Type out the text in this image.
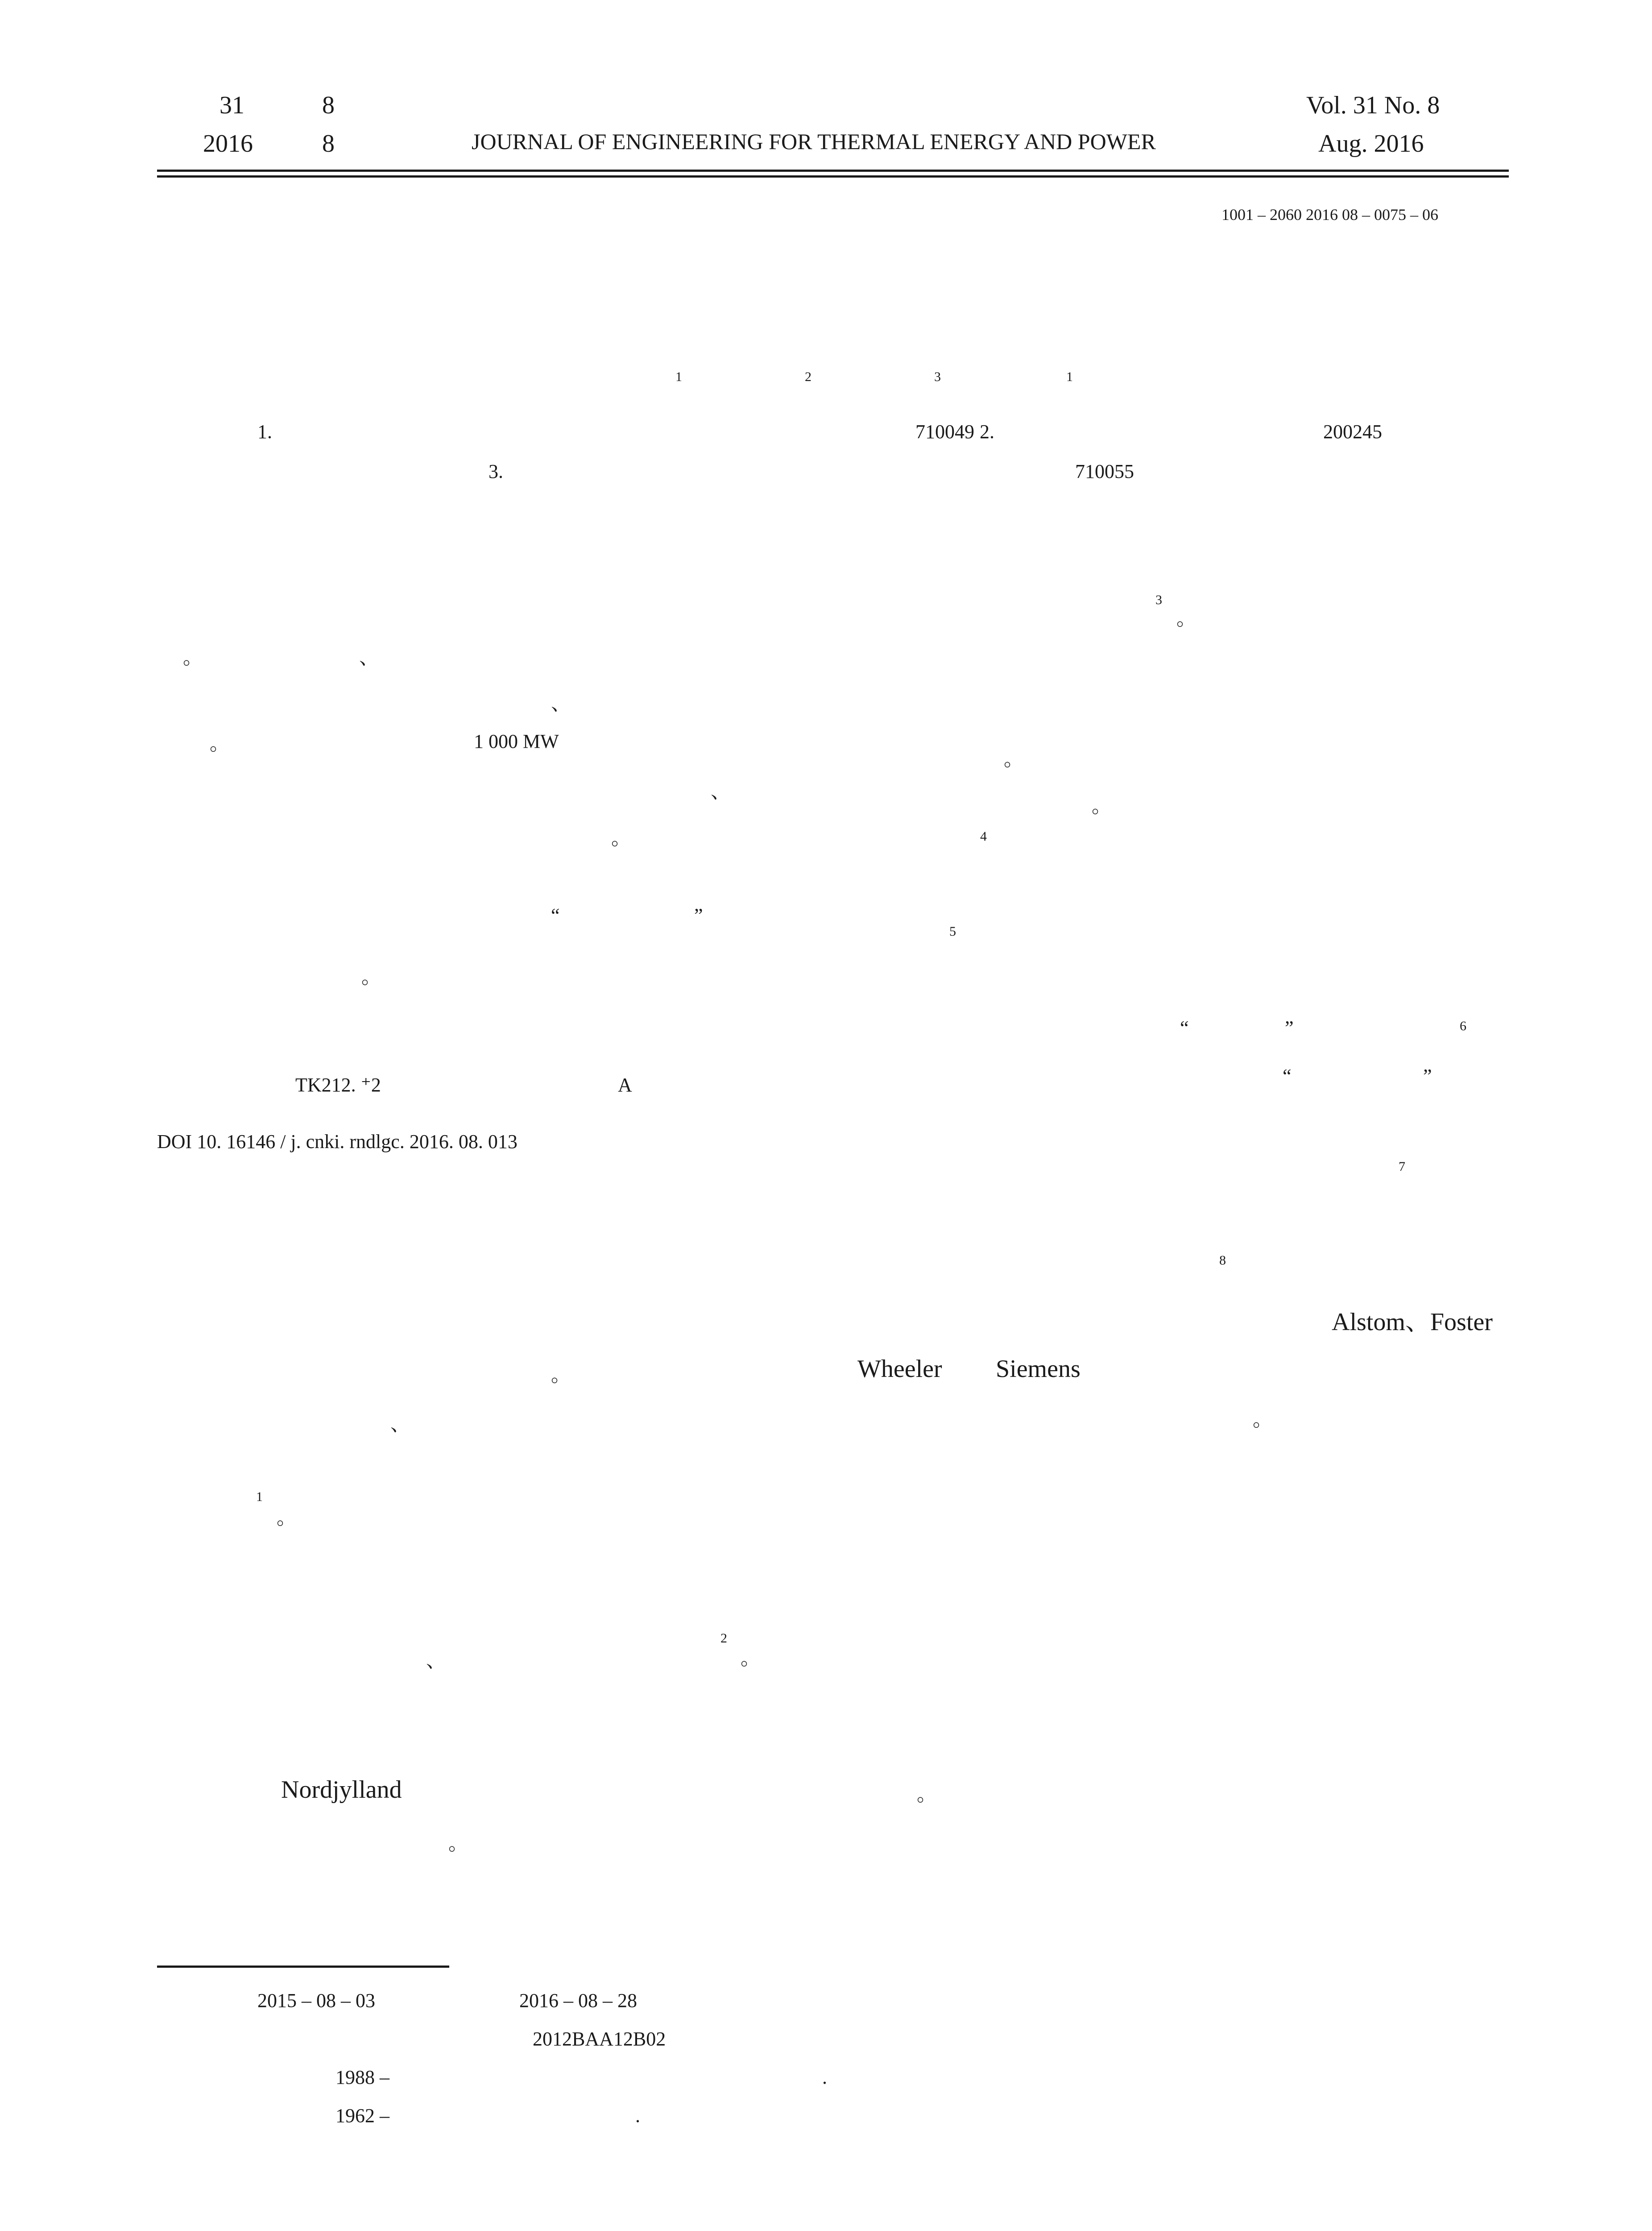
31	8
2016	8	JOURNAL OF ENGINEERING FOR THERMAL ENERGY AND POWER
Vol. 31 No. 8
Aug. 2016
1001 – 2060 2016 08 – 0075 – 06
1	2	3	1
1.	710049 2.	200245
3.	710055
。	、
、
。	1 000 MW
、
。
“	”
。
TK212. ⁺2	A
DOI 10. 16146 / j. cnki. rndlgc. 2016. 08. 013
。
、
1
。
2
。
、
Nordjylland	。
。
3
。
。
。
4
5
“	”	6
“	”
7
8
Alstom、Foster
Wheeler Siemens
。
2015 – 08 – 03	2016 – 08 – 28
2012BAA12B02
1988 –	.
1962 –	.
